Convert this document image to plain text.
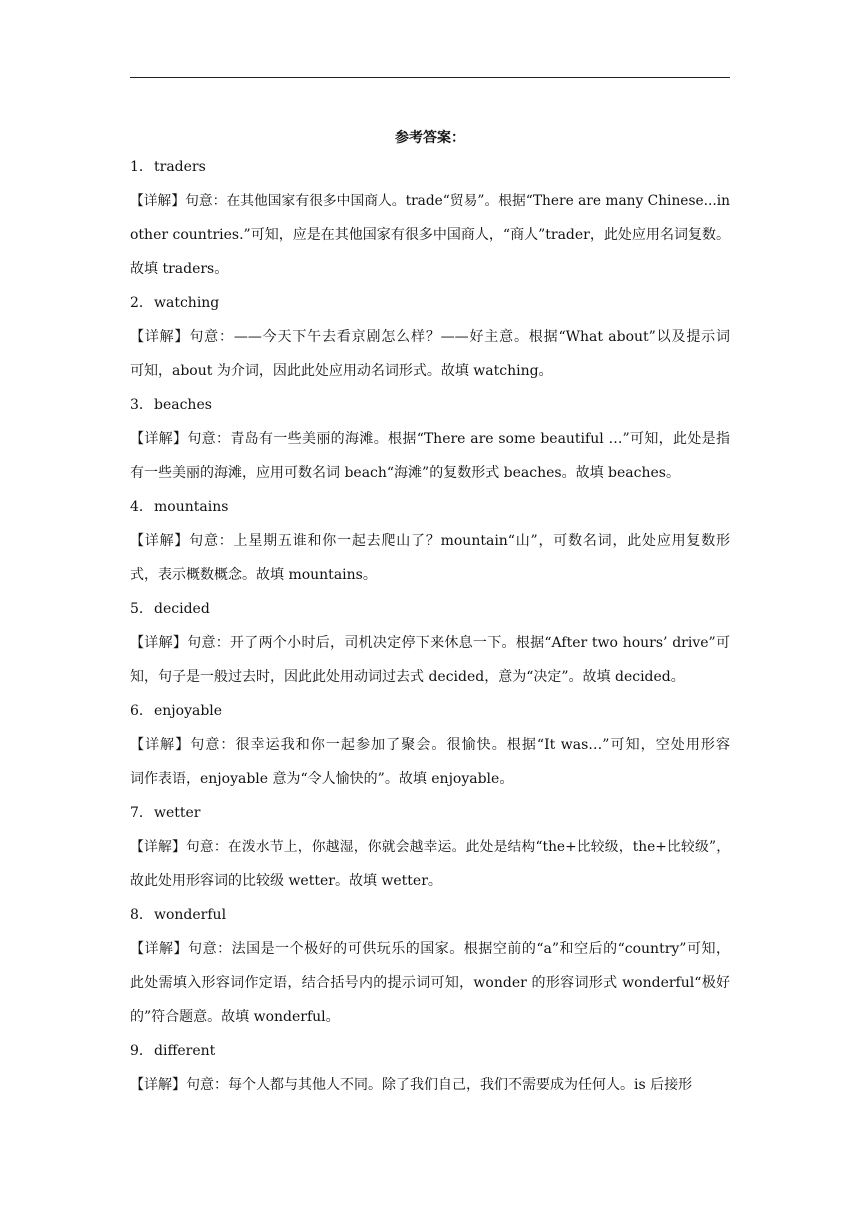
参考答案：
1．traders
【详解】句意：在其他国家有很多中国商人。trade“贸易”。根据“There are many Chinese...in
other countries.”可知，应是在其他国家有很多中国商人，“商人”trader，此处应用名词复数。
故填 traders。
2．watching
【详解】句意：——今天下午去看京剧怎么样？——好主意。根据“What about”以及提示词
可知，about 为介词，因此此处应用动名词形式。故填 watching。
3．beaches
【详解】句意：青岛有一些美丽的海滩。根据“There are some beautiful …”可知，此处是指
有一些美丽的海滩，应用可数名词 beach“海滩”的复数形式 beaches。故填 beaches。
4．mountains
【详解】句意：上星期五谁和你一起去爬山了？mountain“山”，可数名词，此处应用复数形
式，表示概数概念。故填 mountains。
5．decided
【详解】句意：开了两个小时后，司机决定停下来休息一下。根据“After two hours’ drive”可
知，句子是一般过去时，因此此处用动词过去式 decided，意为“决定”。故填 decided。
6．enjoyable
【详解】句意：很幸运我和你一起参加了聚会。很愉快。根据“It was…”可知，空处用形容
词作表语，enjoyable 意为“令人愉快的”。故填 enjoyable。
7．wetter
【详解】句意：在泼水节上，你越湿，你就会越幸运。此处是结构“the+比较级，the+比较级”，
故此处用形容词的比较级 wetter。故填 wetter。
8．wonderful
【详解】句意：法国是一个极好的可供玩乐的国家。根据空前的“a”和空后的“country”可知，
此处需填入形容词作定语，结合括号内的提示词可知，wonder 的形容词形式 wonderful“极好
的”符合题意。故填 wonderful。
9．different
【详解】句意：每个人都与其他人不同。除了我们自己，我们不需要成为任何人。is 后接形
